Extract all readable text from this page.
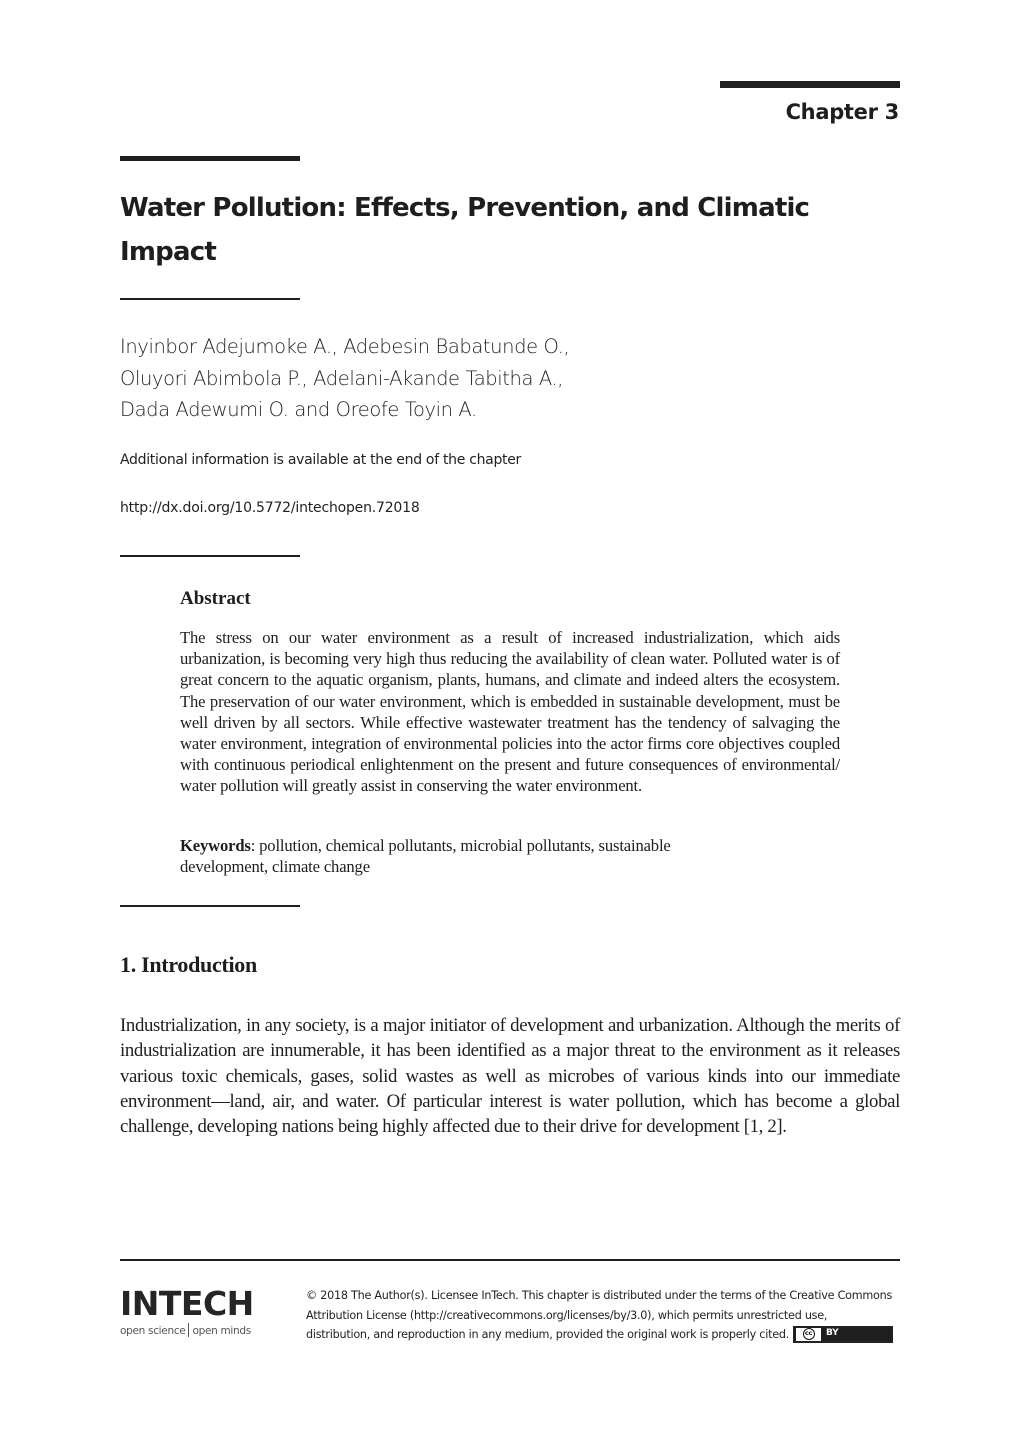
Chapter 3
Water Pollution: Effects, Prevention, and Climatic
Impact
Inyinbor Adejumoke A., Adebesin Babatunde O.,
Oluyori Abimbola P., Adelani-Akande Tabitha A.,
Dada Adewumi O. and Oreofe Toyin A.
Additional information is available at the end of the chapter
http://dx.doi.org/10.5772/intechopen.72018
Abstract
The stress on our water environment as a result of increased industrialization, which aids urbanization, is becoming very high thus reducing the availability of clean water. Polluted water is of great concern to the aquatic organism, plants, humans, and climate and indeed alters the ecosystem. The preservation of our water environment, which is embedded in sustainable development, must be well driven by all sectors. While effective wastewater treatment has the tendency of salvaging the water environment, integration of environmental policies into the actor firms core objectives coupled with continuous periodical enlightenment on the present and future consequences of environmental/ water pollution will greatly assist in conserving the water environment.
Keywords: pollution, chemical pollutants, microbial pollutants, sustainable
development, climate change
1. Introduction
Industrialization, in any society, is a major initiator of development and urbanization. Although the merits of industrialization are innumerable, it has been identified as a major threat to the environment as it releases various toxic chemicals, gases, solid wastes as well as microbes of various kinds into our immediate environment—land, air, and water. Of particular interest is water pollution, which has become a global challenge, developing nations being highly affected due to their drive for development [1, 2].
INTECH
open science open minds
© 2018 The Author(s). Licensee InTech. This chapter is distributed under the terms of the Creative Commons
Attribution License (http://creativecommons.org/licenses/by/3.0), which permits unrestricted use,
distribution, and reproduction in any medium, provided the original work is properly cited.	cc BY
